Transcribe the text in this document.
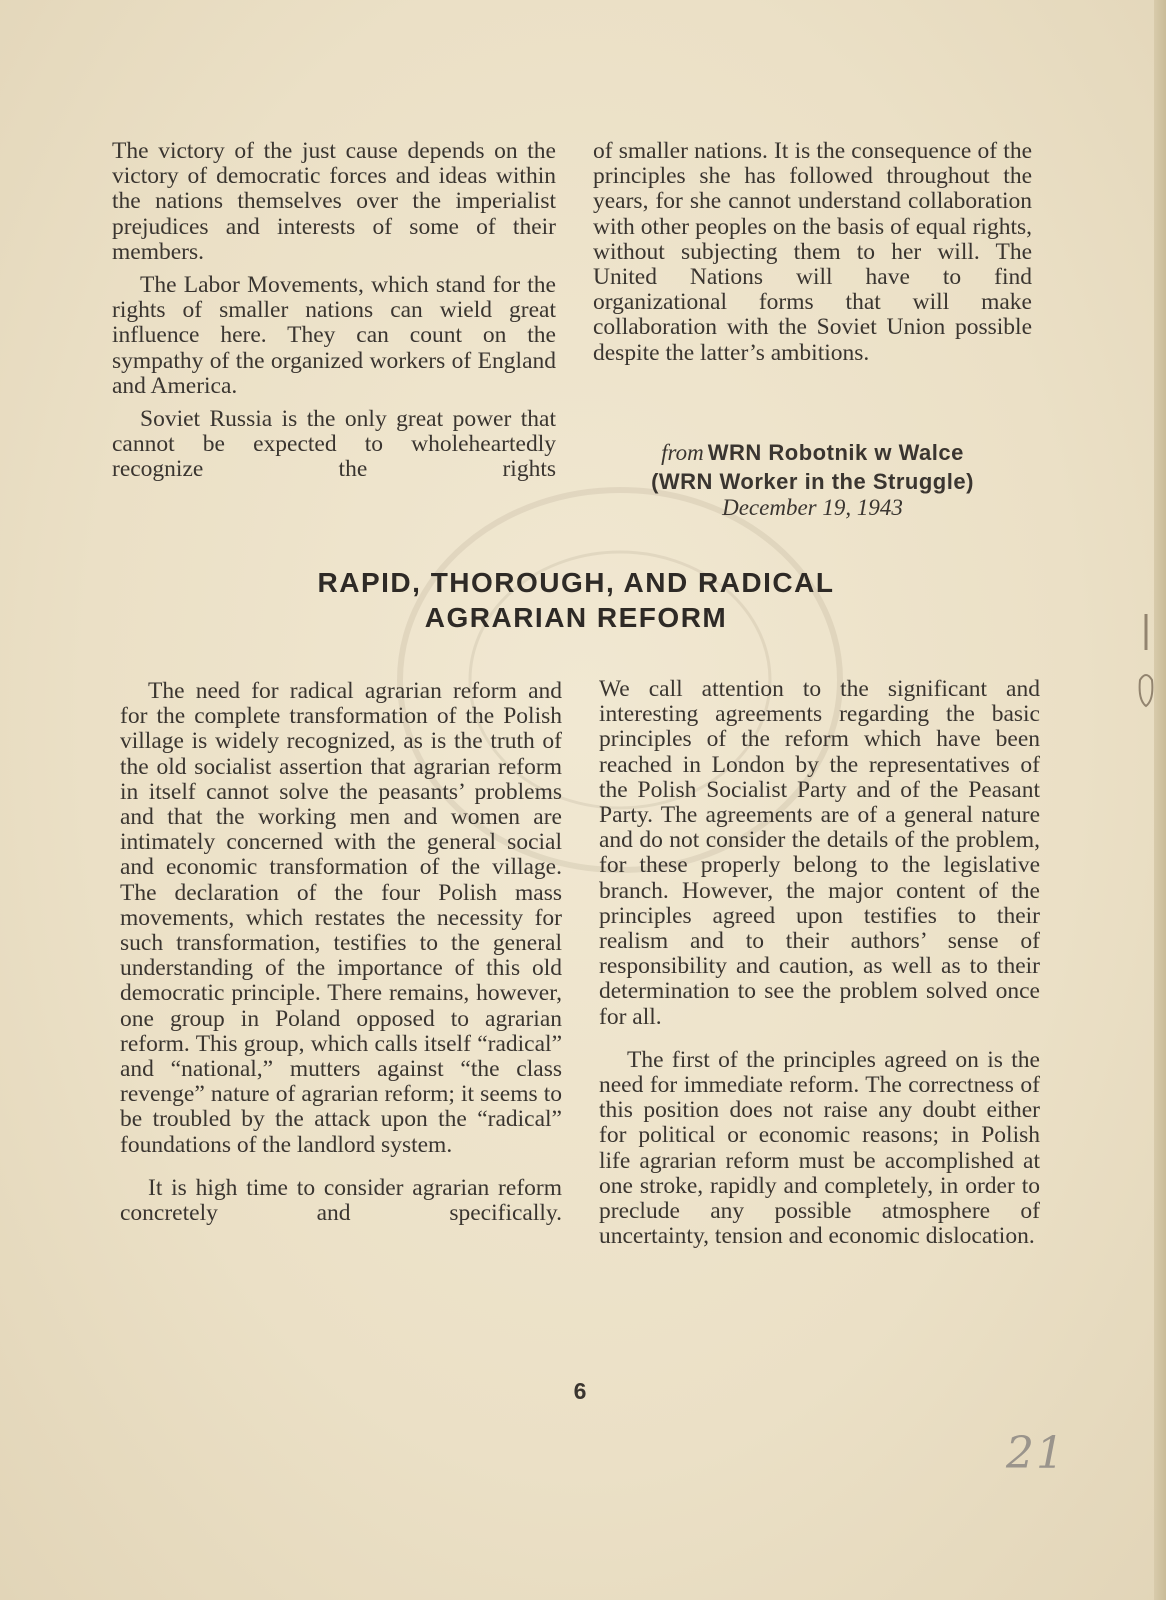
The victory of the just cause depends on the victory of democratic forces and ideas within the nations themselves over the imperialist prejudices and interests of some of their members.

The Labor Movements, which stand for the rights of smaller nations can wield great influence here. They can count on the sympathy of the organized workers of England and America.

Soviet Russia is the only great power that cannot be expected to wholeheartedly recognize the rights

of smaller nations. It is the consequence of the principles she has followed throughout the years, for she cannot understand collaboration with other peoples on the basis of equal rights, without subjecting them to her will. The United Nations will have to find organizational forms that will make collaboration with the Soviet Union possible despite the latter’s ambitions.

from WRN Robotnik w Walce
(WRN Worker in the Struggle)
December 19, 1943
RAPID, THOROUGH, AND RADICAL
AGRARIAN REFORM

The need for radical agrarian reform and for the complete transformation of the Polish village is widely recognized, as is the truth of the old socialist assertion that agrarian reform in itself cannot solve the peasants’ problems and that the working men and women are intimately concerned with the general social and economic transformation of the village. The declaration of the four Polish mass movements, which restates the necessity for such transformation, testifies to the general understanding of the importance of this old democratic principle. There remains, however, one group in Poland opposed to agrarian reform. This group, which calls itself “radical” and “national,” mutters against “the class revenge” nature of agrarian reform; it seems to be troubled by the attack upon the “radical” foundations of the landlord system.

It is high time to consider agrarian reform concretely and specifically.

We call attention to the significant and interesting agreements regarding the basic principles of the reform which have been reached in London by the representatives of the Polish Socialist Party and of the Peasant Party. The agreements are of a general nature and do not consider the details of the problem, for these properly belong to the legislative branch. However, the major content of the principles agreed upon testifies to their realism and to their authors’ sense of responsibility and caution, as well as to their determination to see the problem solved once for all.

The first of the principles agreed on is the need for immediate reform. The correctness of this position does not raise any doubt either for political or economic reasons; in Polish life agrarian reform must be accomplished at one stroke, rapidly and completely, in order to preclude any possible atmosphere of uncertainty, tension and economic dislocation.

6
21
